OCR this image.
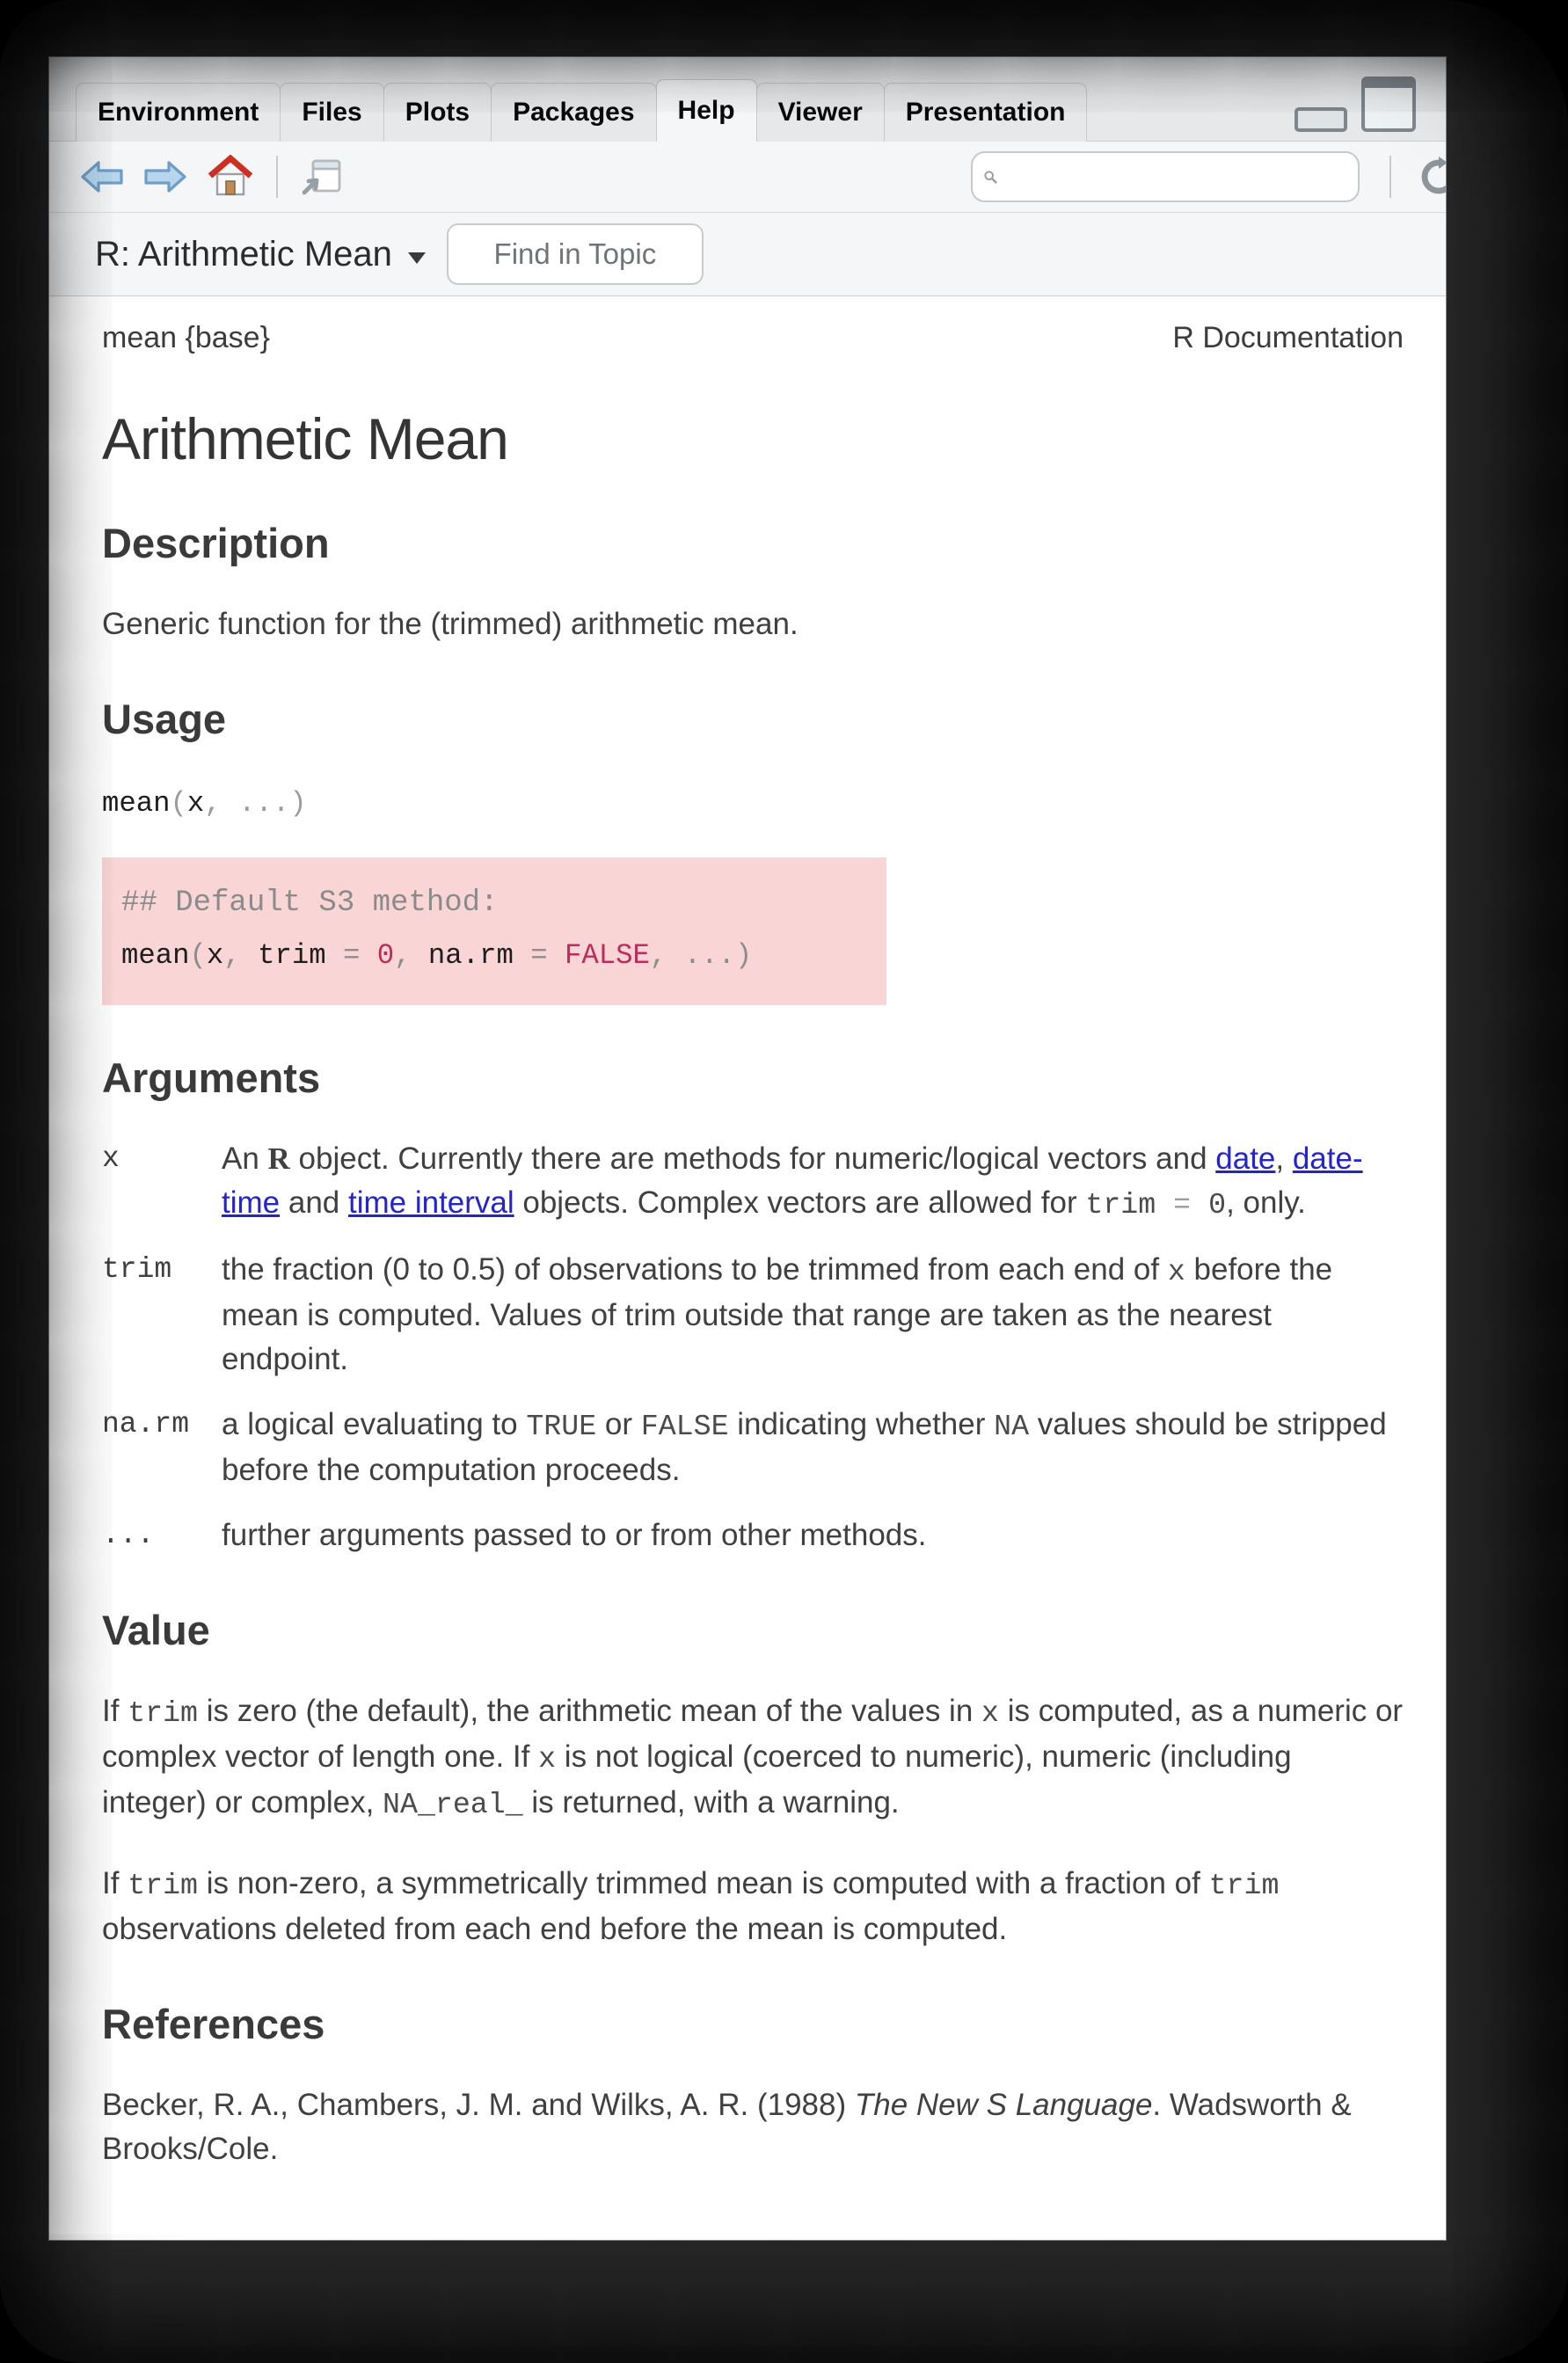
Environment Files Plots Packages Help Viewer Presentation
R: Arithmetic Mean
Find in Topic
mean {base}	R Documentation
Arithmetic Mean
Description
Generic function for the (trimmed) arithmetic mean.
Usage
mean(x, ...)
## Default S3 method:
mean(x, trim = 0, na.rm = FALSE, ...)
Arguments
x	An R object. Currently there are methods for numeric/logical vectors and date, date-time and time interval objects. Complex vectors are allowed for trim = 0, only.
trim	the fraction (0 to 0.5) of observations to be trimmed from each end of x before the mean is computed. Values of trim outside that range are taken as the nearest endpoint.
na.rm	a logical evaluating to TRUE or FALSE indicating whether NA values should be stripped before the computation proceeds.
...	further arguments passed to or from other methods.
Value
If trim is zero (the default), the arithmetic mean of the values in x is computed, as a numeric or complex vector of length one. If x is not logical (coerced to numeric), numeric (including integer) or complex, NA_real_ is returned, with a warning.
If trim is non-zero, a symmetrically trimmed mean is computed with a fraction of trim observations deleted from each end before the mean is computed.
References
Becker, R. A., Chambers, J. M. and Wilks, A. R. (1988) The New S Language. Wadsworth & Brooks/Cole.
